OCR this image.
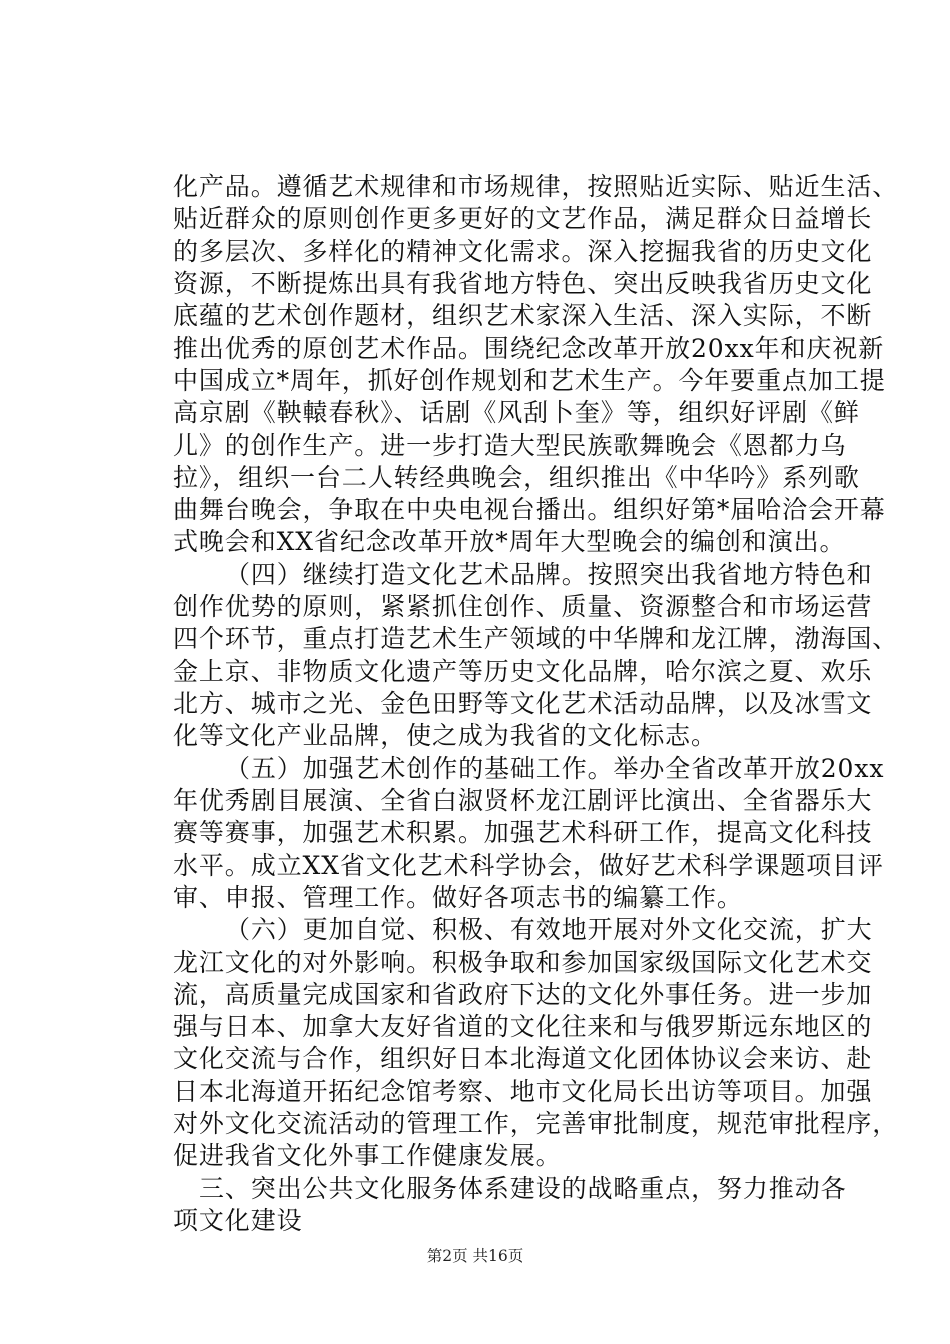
化产品。遵循艺术规律和市场规律，按照贴近实际、贴近生活、
贴近群众的原则创作更多更好的文艺作品，满足群众日益增长
的多层次、多样化的精神文化需求。深入挖掘我省的历史文化
资源，不断提炼出具有我省地方特色、突出反映我省历史文化
底蕴的艺术创作题材，组织艺术家深入生活、深入实际，不断
推出优秀的原创艺术作品。围绕纪念改革开放20xx年和庆祝新
中国成立*周年，抓好创作规划和艺术生产。今年要重点加工提
高京剧《鞅轅春秋》、话剧《风刮卜奎》等，组织好评剧《鲜
儿》的创作生产。进一步打造大型民族歌舞晚会《恩都力乌
拉》，组织一台二人转经典晚会，组织推出《中华吟》系列歌
曲舞台晚会，争取在中央电视台播出。组织好第*届哈洽会开幕
式晚会和XX省纪念改革开放*周年大型晚会的编创和演出。
（四）继续打造文化艺术品牌。按照突出我省地方特色和
创作优势的原则，紧紧抓住创作、质量、资源整合和市场运营
四个环节，重点打造艺术生产领域的中华牌和龙江牌，渤海国、
金上京、非物质文化遗产等历史文化品牌，哈尔滨之夏、欢乐
北方、城市之光、金色田野等文化艺术活动品牌，以及冰雪文
化等文化产业品牌，使之成为我省的文化标志。
（五）加强艺术创作的基础工作。举办全省改革开放20xx
年优秀剧目展演、全省白淑贤杯龙江剧评比演出、全省器乐大
赛等赛事，加强艺术积累。加强艺术科研工作，提高文化科技
水平。成立XX省文化艺术科学协会，做好艺术科学课题项目评
审、申报、管理工作。做好各项志书的编纂工作。
（六）更加自觉、积极、有效地开展对外文化交流，扩大
龙江文化的对外影响。积极争取和参加国家级国际文化艺术交
流，高质量完成国家和省政府下达的文化外事任务。进一步加
强与日本、加拿大友好省道的文化往来和与俄罗斯远东地区的
文化交流与合作，组织好日本北海道文化团体协议会来访、赴
日本北海道开拓纪念馆考察、地市文化局长出访等项目。加强
对外文化交流活动的管理工作，完善审批制度，规范审批程序，
促进我省文化外事工作健康发展。
三、突出公共文化服务体系建设的战略重点，努力推动各
项文化建设
第2页 共16页
